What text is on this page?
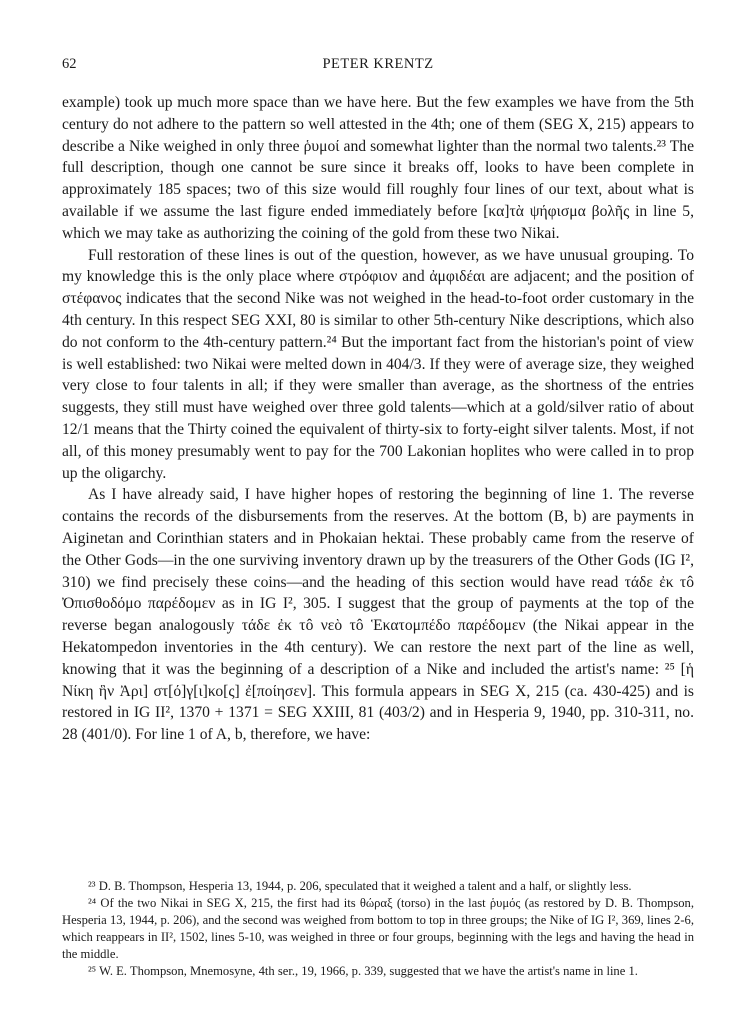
62	PETER KRENTZ

example) took up much more space than we have here. But the few examples we have from the 5th century do not adhere to the pattern so well attested in the 4th; one of them (SEG X, 215) appears to describe a Nike weighed in only three ῥυμοί and somewhat lighter than the normal two talents.²³ The full description, though one cannot be sure since it breaks off, looks to have been complete in approximately 185 spaces; two of this size would fill roughly four lines of our text, about what is available if we assume the last figure ended immediately before [κα]τὰ ψήφισμα βολῆς in line 5, which we may take as authorizing the coining of the gold from these two Nikai.

Full restoration of these lines is out of the question, however, as we have unusual grouping. To my knowledge this is the only place where στρόφιον and ἀμφιδέαι are adjacent; and the position of στέφανος indicates that the second Nike was not weighed in the head-to-foot order customary in the 4th century. In this respect SEG XXI, 80 is similar to other 5th-century Nike descriptions, which also do not conform to the 4th-century pattern.²⁴ But the important fact from the historian's point of view is well established: two Nikai were melted down in 404/3. If they were of average size, they weighed very close to four talents in all; if they were smaller than average, as the shortness of the entries suggests, they still must have weighed over three gold talents—which at a gold/silver ratio of about 12/1 means that the Thirty coined the equivalent of thirty-six to forty-eight silver talents. Most, if not all, of this money presumably went to pay for the 700 Lakonian hoplites who were called in to prop up the oligarchy.

As I have already said, I have higher hopes of restoring the beginning of line 1. The reverse contains the records of the disbursements from the reserves. At the bottom (B, b) are payments in Aiginetan and Corinthian staters and in Phokaian hektai. These probably came from the reserve of the Other Gods—in the one surviving inventory drawn up by the treasurers of the Other Gods (IG I², 310) we find precisely these coins—and the heading of this section would have read τάδε ἐκ τô Ὀπισθοδόμο παρέδομεν as in IG I², 305. I suggest that the group of payments at the top of the reverse began analogously τάδε ἐκ τô νεὸ τô Ἑκατομπέδο παρέδομεν (the Nikai appear in the Hekatompedon inventories in the 4th century). We can restore the next part of the line as well, knowing that it was the beginning of a description of a Nike and included the artist's name: ²⁵ [ἡ Νίκη ἣν Ἀρι] στ[ό]γ[ι]κο[ς] ἐ[ποίησεν]. This formula appears in SEG X, 215 (ca. 430-425) and is restored in IG II², 1370 + 1371 = SEG XXIII, 81 (403/2) and in Hesperia 9, 1940, pp. 310-311, no. 28 (401/0). For line 1 of A, b, therefore, we have:

²³ D. B. Thompson, Hesperia 13, 1944, p. 206, speculated that it weighed a talent and a half, or slightly less.

²⁴ Of the two Nikai in SEG X, 215, the first had its θώραξ (torso) in the last ῥυμός (as restored by D. B. Thompson, Hesperia 13, 1944, p. 206), and the second was weighed from bottom to top in three groups; the Nike of IG I², 369, lines 2-6, which reappears in II², 1502, lines 5-10, was weighed in three or four groups, beginning with the legs and having the head in the middle.

²⁵ W. E. Thompson, Mnemosyne, 4th ser., 19, 1966, p. 339, suggested that we have the artist's name in line 1.
